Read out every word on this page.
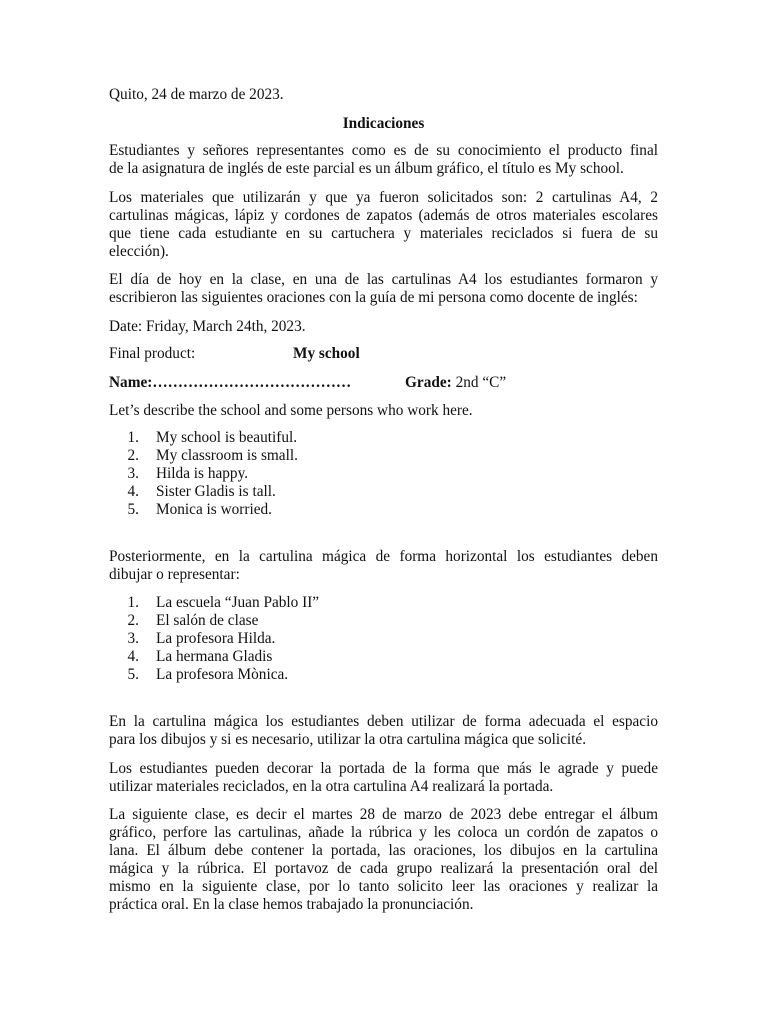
Quito, 24 de marzo de 2023.

Indicaciones

Estudiantes y señores representantes como es de su conocimiento el producto final

de la asignatura de inglés de este parcial es un álbum gráfico, el título es My school.

Los materiales que utilizarán y que ya fueron solicitados son: 2 cartulinas A4, 2

cartulinas mágicas, lápiz y cordones de zapatos (además de otros materiales escolares

que tiene cada estudiante en su cartuchera y materiales reciclados si fuera de su

elección).

El día de hoy en la clase, en una de las cartulinas A4 los estudiantes formaron y

escribieron las siguientes oraciones con la guía de mi persona como docente de inglés:

Date: Friday, March 24th, 2023.

Final product:	My school
Name:…………………………………	Grade: 2nd “C”

Let’s describe the school and some persons who work here.

1. My school is beautiful.
2. My classroom is small.
3. Hilda is happy.
4. Sister Gladis is tall.
5. Monica is worried.

Posteriormente, en la cartulina mágica de forma horizontal los estudiantes deben

dibujar o representar:

1. La escuela “Juan Pablo II”
2. El salón de clase
3. La profesora Hilda.
4. La hermana Gladis
5. La profesora Mònica.

En la cartulina mágica los estudiantes deben utilizar de forma adecuada el espacio

para los dibujos y si es necesario, utilizar la otra cartulina mágica que solicité.

Los estudiantes pueden decorar la portada de la forma que más le agrade y puede

utilizar materiales reciclados, en la otra cartulina A4 realizará la portada.

La siguiente clase, es decir el martes 28 de marzo de 2023 debe entregar el álbum

gráfico, perfore las cartulinas, añade la rúbrica y les coloca un cordón de zapatos o

lana. El álbum debe contener la portada, las oraciones, los dibujos en la cartulina

mágica y la rúbrica. El portavoz de cada grupo realizará la presentación oral del

mismo en la siguiente clase, por lo tanto solicito leer las oraciones y realizar la

práctica oral. En la clase hemos trabajado la pronunciación.
